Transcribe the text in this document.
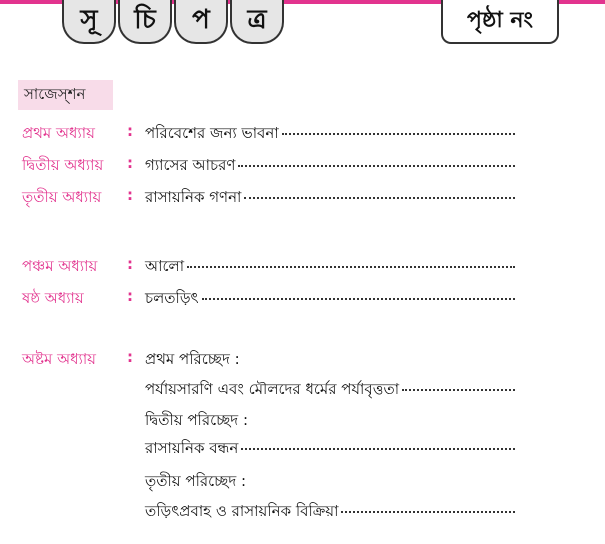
সূ	চি	প	ত্র	পৃষ্ঠা নং
সাজেস্‌শন
প্রথম অধ্যায় : পরিবেশের জন্য ভাবনা
দ্বিতীয় অধ্যায় : গ্যাসের আচরণ
তৃতীয় অধ্যায় : রাসায়নিক গণনা
পঞ্চম অধ্যায় : আলো
ষষ্ঠ অধ্যায়	: চলতড়িৎ
অষ্টম অধ্যায় : প্রথম পরিচ্ছেদ :
পর্যায়সারণি এবং মৌলদের ধর্মের পর্যাবৃত্ততা
দ্বিতীয় পরিচ্ছেদ :
রাসায়নিক বন্ধন
তৃতীয় পরিচ্ছেদ :
তড়িৎপ্রবাহ ও রাসায়নিক বিক্রিয়া
